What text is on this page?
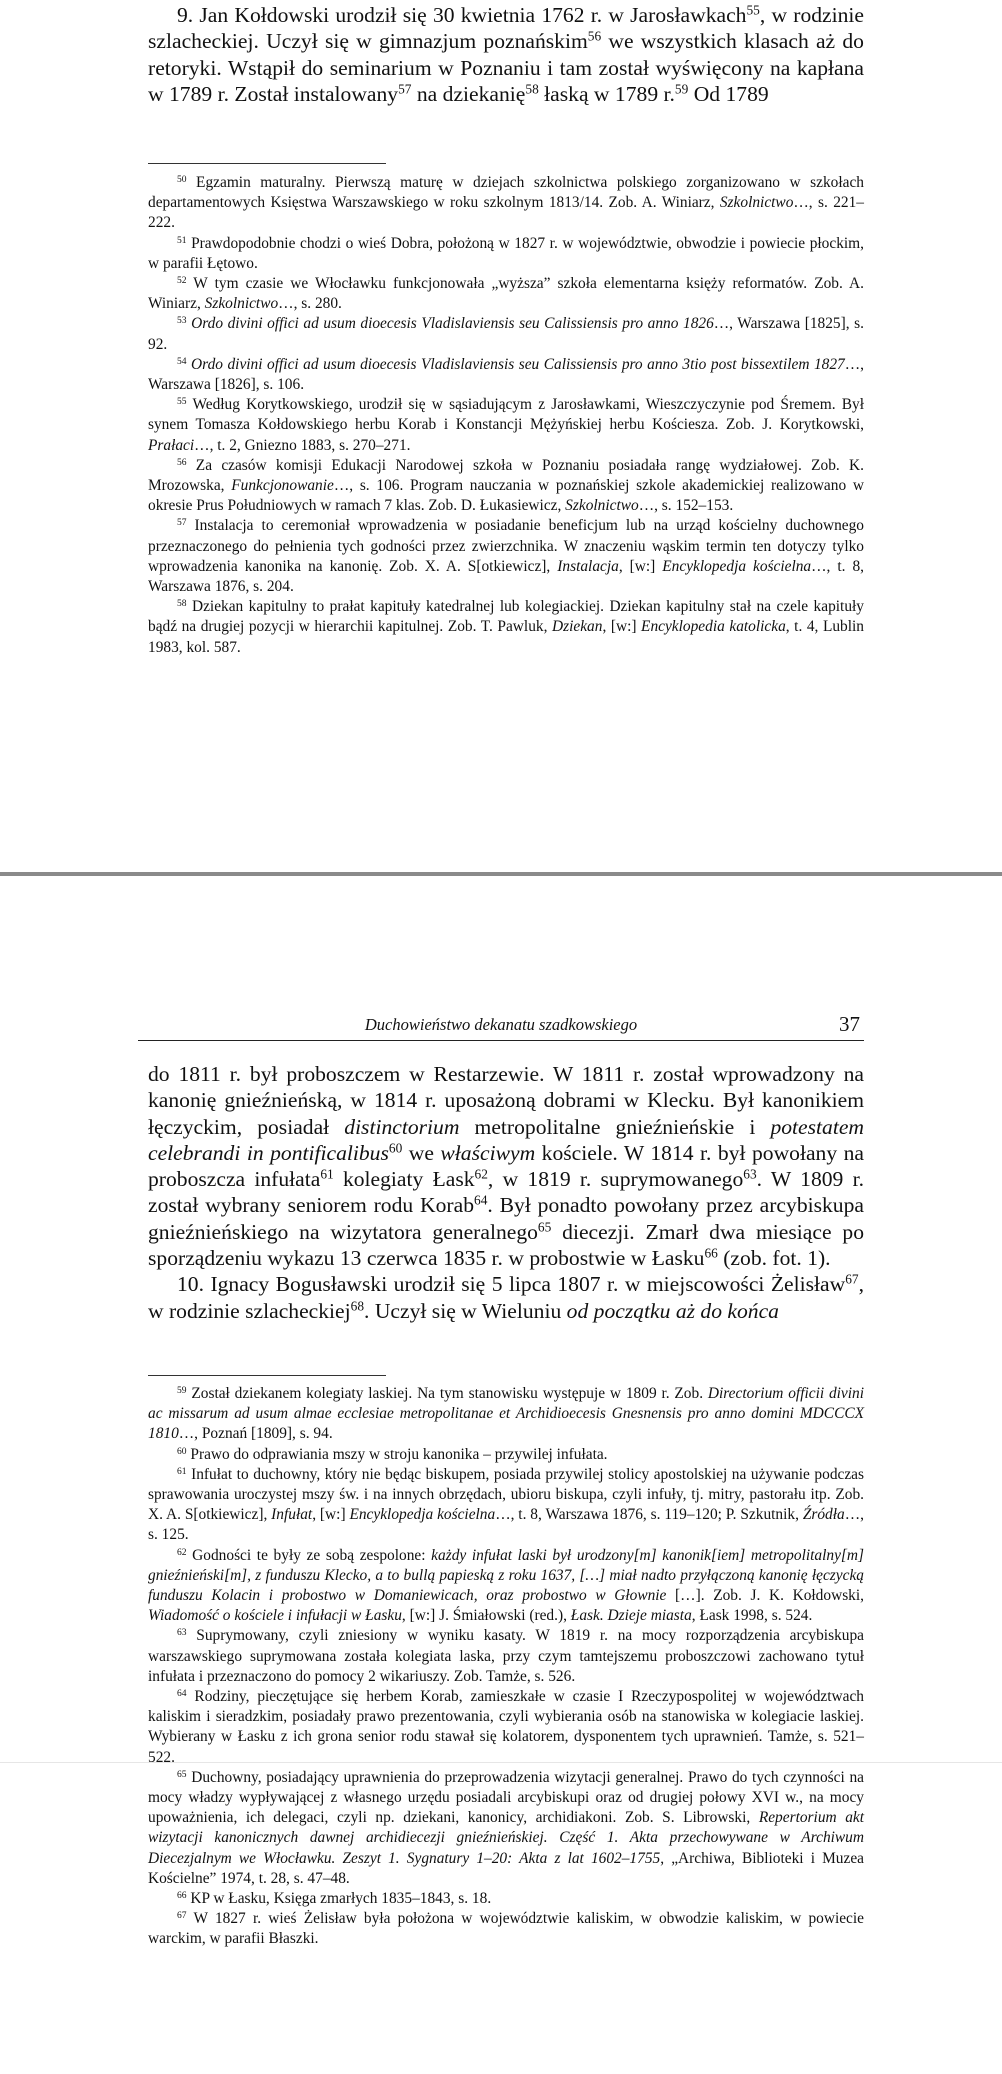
9. Jan Kołdowski urodził się 30 kwietnia 1762 r. w Jarosławkach$^{55}$, w rodzinie szlacheckiej. Uczył się w gimnazjum poznańskim$^{56}$ we wszystkich klasach aż do retoryki. Wstąpił do seminarium w Poznaniu i tam został wyświęcony na kapłana w 1789 r. Został instalowany$^{57}$ na dziekanię$^{58}$ łaską w 1789 r.$^{59}$ Od 1789

$^{50}$ Egzamin maturalny. Pierwszą maturę w dziejach szkolnictwa polskiego zorganizowano w szkołach departamentowych Księstwa Warszawskiego w roku szkolnym 1813/14. Zob. A. Winiarz, Szkolnictwo…, s. 221–222.

$^{51}$ Prawdopodobnie chodzi o wieś Dobra, położoną w 1827 r. w województwie, obwodzie i powiecie płockim, w parafii Łętowo.

$^{52}$ W tym czasie we Włocławku funkcjonowała „wyższa” szkoła elementarna księży reformatów. Zob. A. Winiarz, Szkolnictwo…, s. 280.

$^{53}$ Ordo divini offici ad usum dioecesis Vladislaviensis seu Calissiensis pro anno 1826…, Warszawa [1825], s. 92.

$^{54}$ Ordo divini offici ad usum dioecesis Vladislaviensis seu Calissiensis pro anno 3tio post bissextilem 1827…, Warszawa [1826], s. 106.

$^{55}$ Według Korytkowskiego, urodził się w sąsiadującym z Jarosławkami, Wieszczyczynie pod Śremem. Był synem Tomasza Kołdowskiego herbu Korab i Konstancji Mężyńskiej herbu Kościesza. Zob. J. Korytkowski, Prałaci…, t. 2, Gniezno 1883, s. 270–271.

$^{56}$ Za czasów komisji Edukacji Narodowej szkoła w Poznaniu posiadała rangę wydziałowej. Zob. K. Mrozowska, Funkcjonowanie…, s. 106. Program nauczania w poznańskiej szkole akademickiej realizowano w okresie Prus Południowych w ramach 7 klas. Zob. D. Łukasiewicz, Szkolnictwo…, s. 152–153.

$^{57}$ Instalacja to ceremoniał wprowadzenia w posiadanie beneficjum lub na urząd kościelny duchownego przeznaczonego do pełnienia tych godności przez zwierzchnika. W znaczeniu wąskim termin ten dotyczy tylko wprowadzenia kanonika na kanonię. Zob. X. A. S[otkiewicz], Instalacja, [w:] Encyklopedja kościelna…, t. 8, Warszawa 1876, s. 204.

$^{58}$ Dziekan kapitulny to prałat kapituły katedralnej lub kolegiackiej. Dziekan kapitulny stał na czele kapituły bądź na drugiej pozycji w hierarchii kapitulnej. Zob. T. Pawluk, Dziekan, [w:] Encyklopedia katolicka, t. 4, Lublin 1983, kol. 587.

Duchowieństwo dekanatu szadkowskiego	37

do 1811 r. był proboszczem w Restarzewie. W 1811 r. został wprowadzony na kanonię gnieźnieńską, w 1814 r. uposażoną dobrami w Klecku. Był kanonikiem łęczyckim, posiadał distinctorium metropolitalne gnieźnieńskie i potestatem celebrandi in pontificalibus$^{60}$ we właściwym kościele. W 1814 r. był powołany na proboszcza infułata$^{61}$ kolegiaty Łask$^{62}$, w 1819 r. suprymowanego$^{63}$. W 1809 r. został wybrany seniorem rodu Korab$^{64}$. Był ponadto powołany przez arcybiskupa gnieźnieńskiego na wizytatora generalnego$^{65}$ diecezji. Zmarł dwa miesiące po sporządzeniu wykazu 13 czerwca 1835 r. w probostwie w Łasku$^{66}$ (zob. fot. 1).

10. Ignacy Bogusławski urodził się 5 lipca 1807 r. w miejscowości Żelisław$^{67}$, w rodzinie szlacheckiej$^{68}$. Uczył się w Wieluniu od początku aż do końca

$^{59}$ Został dziekanem kolegiaty laskiej. Na tym stanowisku występuje w 1809 r. Zob. Directorium officii divini ac missarum ad usum almae ecclesiae metropolitanae et Archidioecesis Gnesnensis pro anno domini MDCCCX 1810…, Poznań [1809], s. 94.

$^{60}$ Prawo do odprawiania mszy w stroju kanonika – przywilej infułata.

$^{61}$ Infułat to duchowny, który nie będąc biskupem, posiada przywilej stolicy apostolskiej na używanie podczas sprawowania uroczystej mszy św. i na innych obrzędach, ubioru biskupa, czyli infuły, tj. mitry, pastorału itp. Zob. X. A. S[otkiewicz], Infułat, [w:] Encyklopedja kościelna…, t. 8, Warszawa 1876, s. 119–120; P. Szkutnik, Źródła…, s. 125.

$^{62}$ Godności te były ze sobą zespolone: każdy infułat laski był urodzony[m] kanonik[iem] metropolitalny[m] gnieźnieński[m], z funduszu Klecko, a to bullą papieską z roku 1637, […] miał nadto przyłączoną kanonię łęczycką funduszu Kolacin i probostwo w Domaniewicach, oraz probostwo w Głownie […]. Zob. J. K. Kołdowski, Wiadomość o kościele i infułacji w Łasku, [w:] J. Śmiałowski (red.), Łask. Dzieje miasta, Łask 1998, s. 524.

$^{63}$ Suprymowany, czyli zniesiony w wyniku kasaty. W 1819 r. na mocy rozporządzenia arcybiskupa warszawskiego suprymowana została kolegiata laska, przy czym tamtejszemu proboszczowi zachowano tytuł infułata i przeznaczono do pomocy 2 wikariuszy. Zob. Tamże, s. 526.

$^{64}$ Rodziny, pieczętujące się herbem Korab, zamieszkałe w czasie I Rzeczypospolitej w województwach kaliskim i sieradzkim, posiadały prawo prezentowania, czyli wybierania osób na stanowiska w kolegiacie laskiej. Wybierany w Łasku z ich grona senior rodu stawał się kolatorem, dysponentem tych uprawnień. Tamże, s. 521–522.

$^{65}$ Duchowny, posiadający uprawnienia do przeprowadzenia wizytacji generalnej. Prawo do tych czynności na mocy władzy wypływającej z własnego urzędu posiadali arcybiskupi oraz od drugiej połowy XVI w., na mocy upoważnienia, ich delegaci, czyli np. dziekani, kanonicy, archidiakoni. Zob. S. Librowski, Repertorium akt wizytacji kanonicznych dawnej archidiecezji gnieźnieńskiej. Część 1. Akta przechowywane w Archiwum Diecezjalnym we Włocławku. Zeszyt 1. Sygnatury 1–20: Akta z lat 1602–1755, „Archiwa, Biblioteki i Muzea Kościelne” 1974, t. 28, s. 47–48.

$^{66}$ KP w Łasku, Księga zmarłych 1835–1843, s. 18.

$^{67}$ W 1827 r. wieś Żelisław była położona w województwie kaliskim, w obwodzie kaliskim, w powiecie warckim, w parafii Błaszki.
